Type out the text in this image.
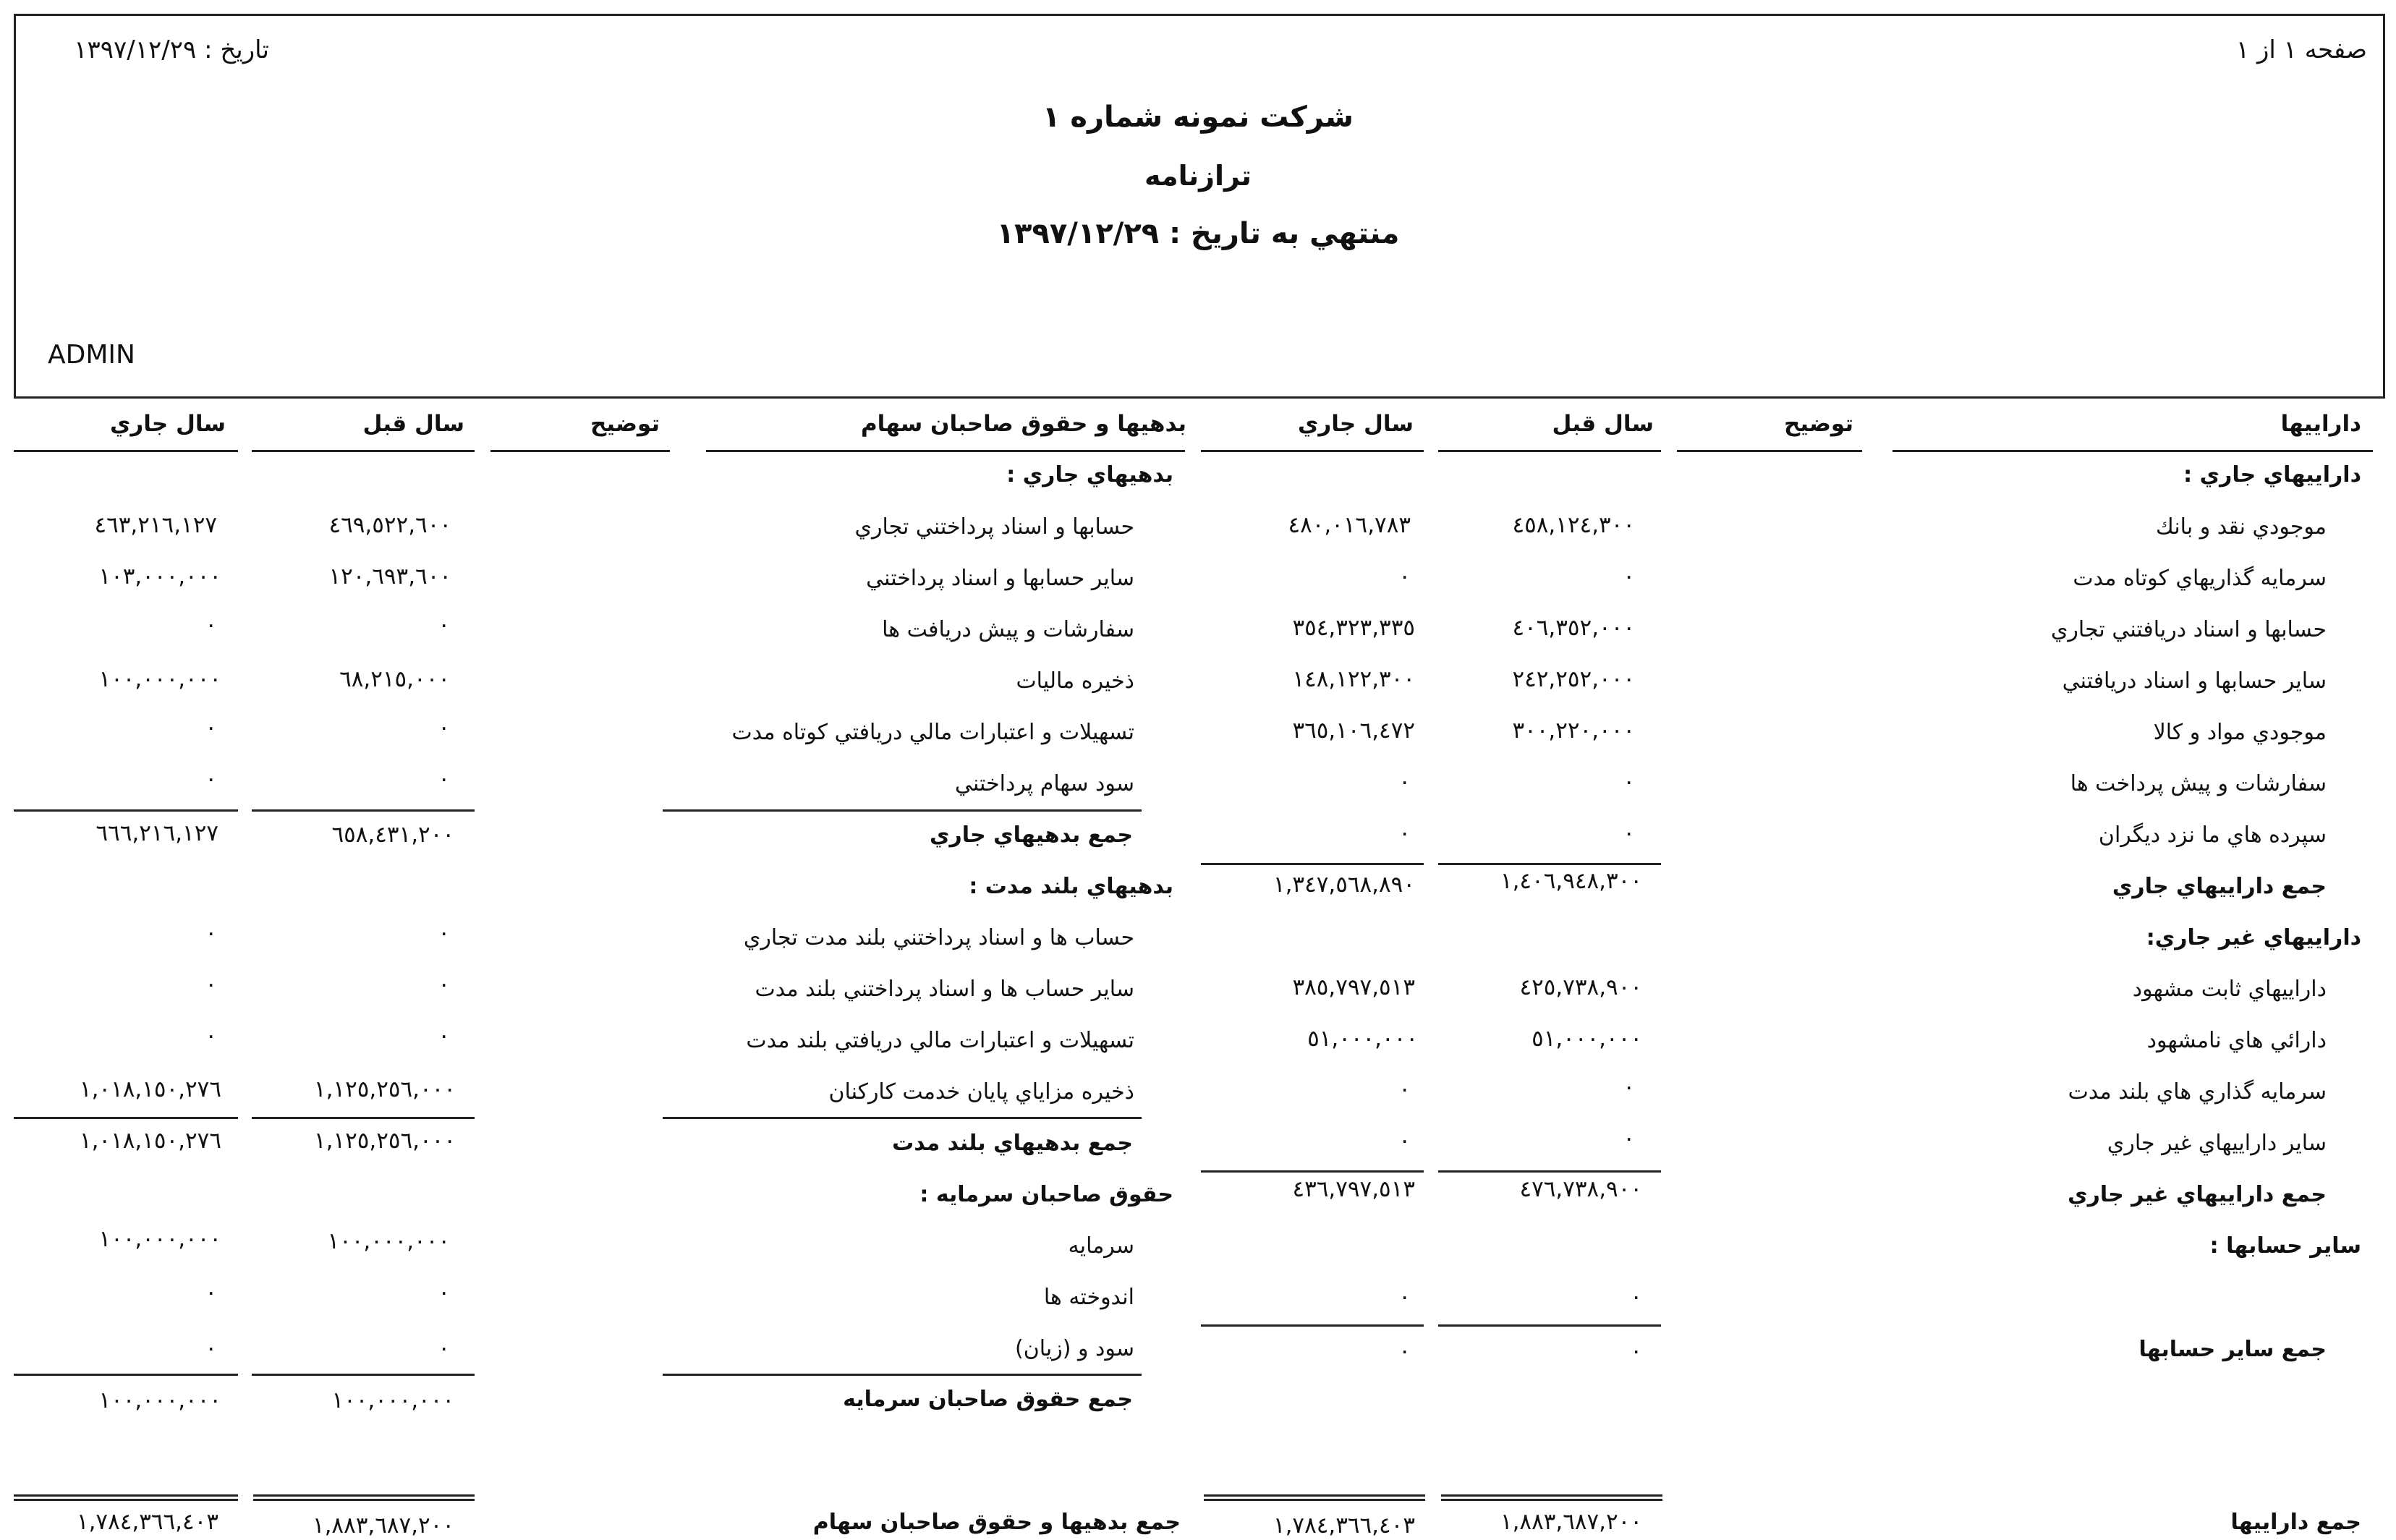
صفحه ۱ از ۱
تاريخ : ۱۳۹۷/۱۲/۲۹
شركت نمونه شماره ۱
ترازنامه
منتهي به تاريخ : ۱۳۹۷/۱۲/۲۹
ADMIN
داراييها
توضيح
سال قبل
سال جاري
بدهيها و حقوق صاحبان سهام
توضيح
سال قبل
سال جاري
داراييهاي جاري :
موجودي نقد و بانك
٤٥٨,١٢٤,٣٠٠
٤٨٠,٠١٦,٧٨٣
سرمايه گذاريهاي كوتاه مدت
٠
٠
حسابها و اسناد دريافتني تجاري
٤٠٦,٣٥٢,٠٠٠
٣٥٤,٣٢٣,٣٣٥
ساير حسابها و اسناد دريافتني
٢٤٢,٢٥٢,٠٠٠
١٤٨,١٢٢,٣٠٠
موجودي مواد و كالا
٣٠٠,٢٢٠,٠٠٠
٣٦٥,١٠٦,٤٧٢
سفارشات و پيش پرداخت ها
٠
٠
سپرده هاي ما نزد ديگران
٠
٠
جمع داراييهاي جاري
١,٤٠٦,٩٤٨,٣٠٠
١,٣٤٧,٥٦٨,٨٩٠
داراييهاي غير جاري:
داراييهاي ثابت مشهود
٤٢٥,٧٣٨,٩٠٠
٣٨٥,٧٩٧,٥١٣
دارائي هاي نامشهود
٥١,٠٠٠,٠٠٠
٥١,٠٠٠,٠٠٠
سرمايه گذاري هاي بلند مدت
٠
٠
ساير داراييهاي غير جاري
٠
٠
جمع داراييهاي غير جاري
٤٧٦,٧٣٨,٩٠٠
٤٣٦,٧٩٧,٥١٣
ساير حسابها :
٠
٠
جمع ساير حسابها
٠
٠
بدهيهاي جاري :
حسابها و اسناد پرداختني تجاري
٤٦٩,٥٢٢,٦٠٠
٤٦٣,٢١٦,١٢٧
ساير حسابها و اسناد پرداختني
١٢٠,٦٩٣,٦٠٠
١٠٣,٠٠٠,٠٠٠
سفارشات و پيش دريافت ها
٠
٠
ذخيره ماليات
٦٨,٢١٥,٠٠٠
١٠٠,٠٠٠,٠٠٠
تسهيلات و اعتبارات مالي دريافتي كوتاه مدت
٠
٠
سود سهام پرداختني
٠
٠
جمع بدهيهاي جاري
٦٥٨,٤٣١,٢٠٠
٦٦٦,٢١٦,١٢٧
بدهيهاي بلند مدت :
حساب ها و اسناد پرداختني بلند مدت تجاري
٠
٠
ساير حساب ها و اسناد پرداختني بلند مدت
٠
٠
تسهيلات و اعتبارات مالي دريافتي بلند مدت
٠
٠
ذخيره مزاياي پايان خدمت كاركنان
١,١٢٥,٢٥٦,٠٠٠
١,٠١٨,١٥٠,٢٧٦
جمع بدهيهاي بلند مدت
١,١٢٥,٢٥٦,٠٠٠
١,٠١٨,١٥٠,٢٧٦
حقوق صاحبان سرمايه :
سرمايه
١٠٠,٠٠٠,٠٠٠
١٠٠,٠٠٠,٠٠٠
اندوخته ها
٠
٠
سود و (زيان)
٠
٠
جمع حقوق صاحبان سرمايه
١٠٠,٠٠٠,٠٠٠
١٠٠,٠٠٠,٠٠٠
جمع داراييها
١,٨٨٣,٦٨٧,٢٠٠
١,٧٨٤,٣٦٦,٤٠٣
جمع بدهيها و حقوق صاحبان سهام
١,٨٨٣,٦٨٧,٢٠٠
١,٧٨٤,٣٦٦,٤٠٣
